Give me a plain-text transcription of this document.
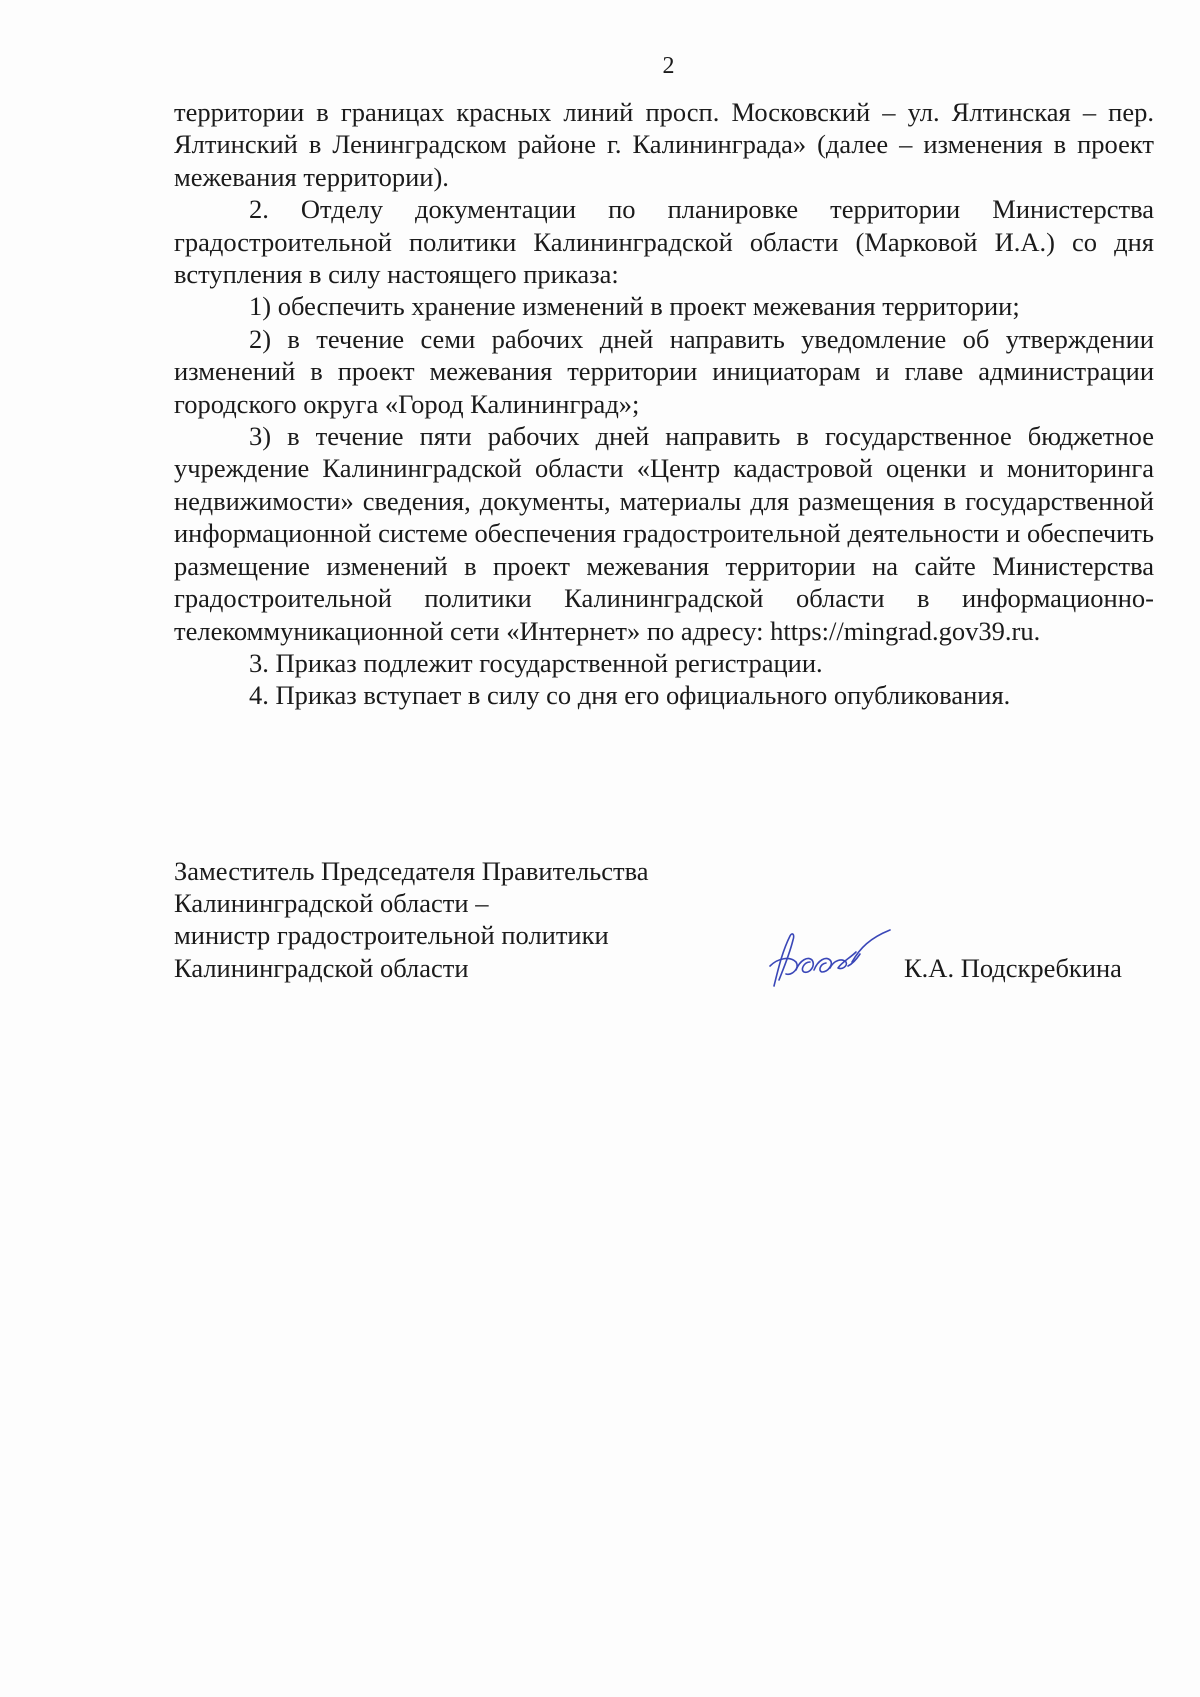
2

территории в границах красных линий просп. Московский – ул. Ялтинская – пер. Ялтинский в Ленинградском районе г. Калининграда» (далее – изменения в проект межевания территории).

2. Отделу документации по планировке территории Министерства градостроительной политики Калининградской области (Марковой И.А.) со дня вступления в силу настоящего приказа:

1) обеспечить хранение изменений в проект межевания территории;

2) в течение семи рабочих дней направить уведомление об утверждении изменений в проект межевания территории инициаторам и главе администрации городского округа «Город Калининград»;

3) в течение пяти рабочих дней направить в государственное бюджетное учреждение Калининградской области «Центр кадастровой оценки и мониторинга недвижимости» сведения, документы, материалы для размещения в государственной информационной системе обеспечения градостроительной деятельности и обеспечить размещение изменений в проект межевания территории на сайте Министерства градостроительной политики Калининградской области в информационно-телекоммуникационной сети «Интернет» по адресу: https://mingrad.gov39.ru.

3. Приказ подлежит государственной регистрации.

4. Приказ вступает в силу со дня его официального опубликования.

Заместитель Председателя Правительства
Калининградской области –
министр градостроительной политики
Калининградской области	К.А. Подскребкина
